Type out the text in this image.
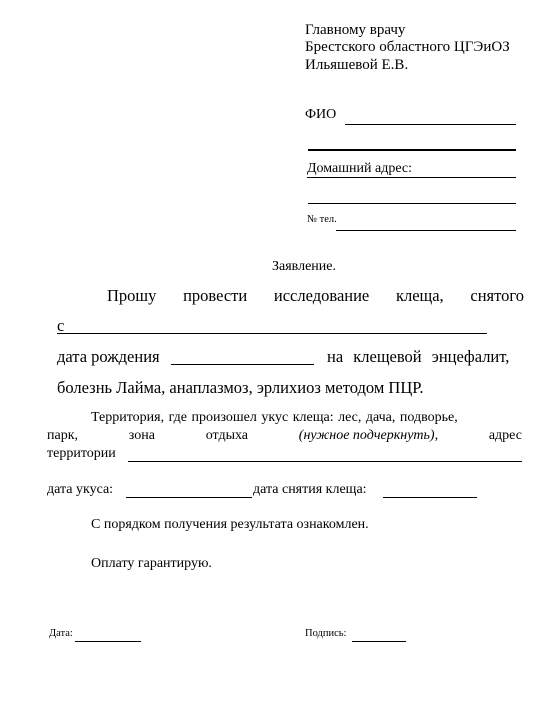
Главному врачу
Брестского областного ЦГЭиОЗ
Ильяшевой Е.В.
ФИО
Домашний адрес:
№ тел.
Заявление.
Прошу провести исследование клеща, снятого
с
дата рождения	на клещевой энцефалит,
болезнь Лайма, анаплазмоз, эрлихиоз методом ПЦР.
Территория, где произошел укус клеща: лес, дача, подворье,
парк,	зона	отдыха	(нужное подчеркнуть),	адрес
территории
дата укуса:	дата снятия клеща:
С порядком получения результата ознакомлен.
Оплату гарантирую.
Дата:	Подпись:
